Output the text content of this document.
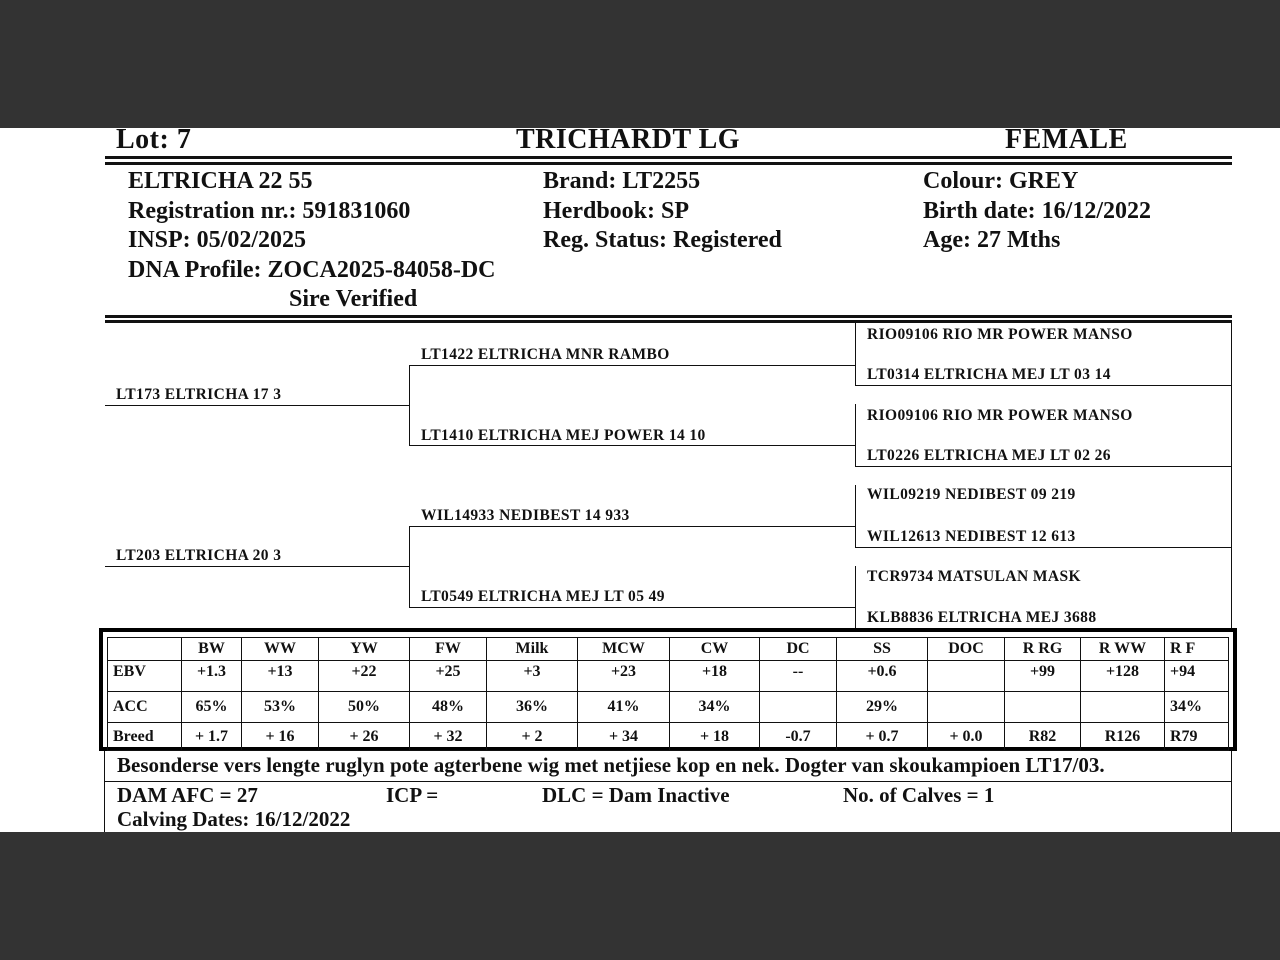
Lot: 7	TRICHARDT LG	FEMALE
ELTRICHA 22 55
Registration nr.: 591831060
INSP: 05/02/2025
DNA Profile: ZOCA2025-84058-DC
Sire Verified
Brand: LT2255
Herdbook: SP
Reg. Status: Registered
Colour: GREY
Birth date: 16/12/2022
Age: 27 Mths
LT173 ELTRICHA 17 3
LT203 ELTRICHA 20 3
LT1422 ELTRICHA MNR RAMBO
LT1410 ELTRICHA MEJ POWER 14 10
WIL14933 NEDIBEST 14 933
LT0549 ELTRICHA MEJ LT 05 49
RIO09106 RIO MR POWER MANSO
LT0314 ELTRICHA MEJ LT 03 14
RIO09106 RIO MR POWER MANSO
LT0226 ELTRICHA MEJ LT 02 26
WIL09219 NEDIBEST 09 219
WIL12613 NEDIBEST 12 613
TCR9734 MATSULAN MASK
KLB8836 ELTRICHA MEJ 3688
	BW	WW	YW	FW	Milk	MCW	CW	DC	SS	DOC	R RG	R WW	R F
EBV	+1.3	+13	+22	+25	+3	+23	+18	--	+0.6		+99	+128	+94
ACC	65%	53%	50%	48%	36%	41%	34%		29%				34%
Breed	+ 1.7	+ 16	+ 26	+ 32	+ 2	+ 34	+ 18	-0.7	+ 0.7	+ 0.0	R82	R126	R79
Besonderse vers lengte ruglyn pote agterbene wig met netjiese kop en nek. Dogter van skoukampioen LT17/03.
DAM AFC = 27	ICP =	DLC = Dam Inactive	No. of Calves = 1
Calving Dates: 16/12/2022
